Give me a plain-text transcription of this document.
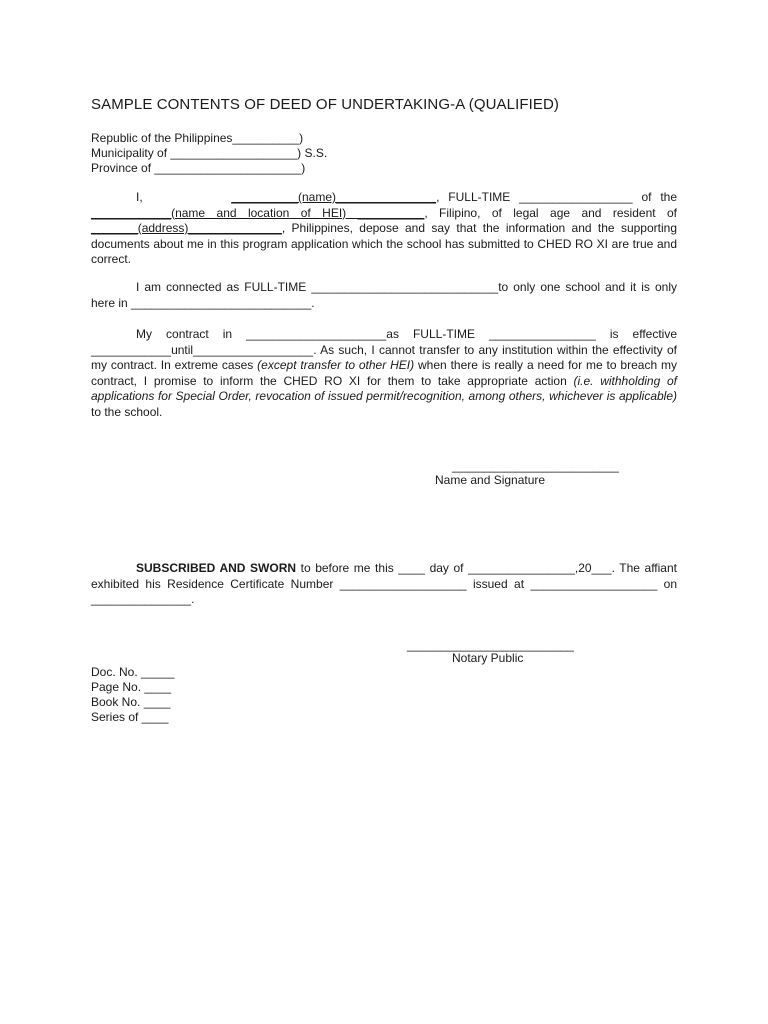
SAMPLE CONTENTS OF DEED OF UNDERTAKING-A (QUALIFIED)
Republic of the Philippines__________)
Municipality of ___________________) S.S.
Province of ______________________)
I,	__________(name)_______________, FULL-TIME _________________ of the ____________(name and location of HEI) __________, Filipino, of legal age and resident of _______(address)______________, Philippines, depose and say that the information and the supporting documents about me in this program application which the school has submitted to CHED RO XI are true and correct.
I am connected as FULL-TIME ____________________________to only one school and it is only here in ___________________________.
My contract in _____________________as FULL-TIME ________________ is effective ____________until__________________. As such, I cannot transfer to any institution within the effectivity of my contract. In extreme cases (except transfer to other HEI) when there is really a need for me to breach my contract, I promise to inform the CHED RO XI for them to take appropriate action (i.e. withholding of applications for Special Order, revocation of issued permit/recognition, among others, whichever is applicable) to the school.
_________________________
Name and Signature
SUBSCRIBED AND SWORN to before me this ____ day of ________________,20___. The affiant exhibited his Residence Certificate Number ___________________ issued at ___________________ on _______________.
_________________________
Notary Public
Doc. No. _____
Page No. ____
Book No. ____
Series of ____
